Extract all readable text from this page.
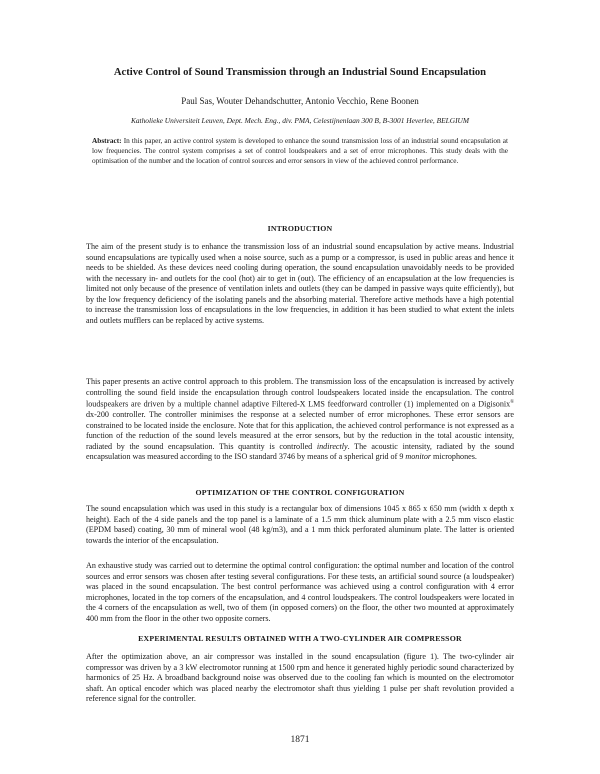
Active Control of Sound Transmission through an Industrial Sound Encapsulation
Paul Sas, Wouter Dehandschutter, Antonio Vecchio, Rene Boonen
Katholieke Universiteit Leuven, Dept. Mech. Eng., div. PMA, Celestijnenlaan 300 B, B-3001 Heverlee, BELGIUM
Abstract: In this paper, an active control system is developed to enhance the sound transmission loss of an industrial sound encapsulation at low frequencies. The control system comprises a set of control loudspeakers and a set of error microphones. This study deals with the optimisation of the number and the location of control sources and error sensors in view of the achieved control performance.
INTRODUCTION
The aim of the present study is to enhance the transmission loss of an industrial sound encapsulation by active means. Industrial sound encapsulations are typically used when a noise source, such as a pump or a compressor, is used in public areas and hence it needs to be shielded. As these devices need cooling during operation, the sound encapsulation unavoidably needs to be provided with the necessary in- and outlets for the cool (hot) air to get in (out). The efficiency of an encapsulation at the low frequencies is limited not only because of the presence of ventilation inlets and outlets (they can be damped in passive ways quite efficiently), but by the low frequency deficiency of the isolating panels and the absorbing material. Therefore active methods have a high potential to increase the transmission loss of encapsulations in the low frequencies, in addition it has been studied to what extent the inlets and outlets mufflers can be replaced by active systems.
This paper presents an active control approach to this problem. The transmission loss of the encapsulation is increased by actively controlling the sound field inside the encapsulation through control loudspeakers located inside the encapsulation. The control loudspeakers are driven by a multiple channel adaptive Filtered-X LMS feedforward controller (1) implemented on a Digisonix® dx-200 controller. The controller minimises the response at a selected number of error microphones. These error sensors are constrained to be located inside the enclosure. Note that for this application, the achieved control performance is not expressed as a function of the reduction of the sound levels measured at the error sensors, but by the reduction in the total acoustic intensity, radiated by the sound encapsulation. This quantity is controlled indirectly. The acoustic intensity, radiated by the sound encapsulation was measured according to the ISO standard 3746 by means of a spherical grid of 9 monitor microphones.
OPTIMIZATION OF THE CONTROL CONFIGURATION
The sound encapsulation which was used in this study is a rectangular box of dimensions 1045 x 865 x 650 mm (width x depth x height). Each of the 4 side panels and the top panel is a laminate of a 1.5 mm thick aluminum plate with a 2.5 mm visco elastic (EPDM based) coating, 30 mm of mineral wool (48 kg/m3), and a 1 mm thick perforated aluminum plate. The latter is oriented towards the interior of the encapsulation.
An exhaustive study was carried out to determine the optimal control configuration: the optimal number and location of the control sources and error sensors was chosen after testing several configurations. For these tests, an artificial sound source (a loudspeaker) was placed in the sound encapsulation. The best control performance was achieved using a control configuration with 4 error microphones, located in the top corners of the encapsulation, and 4 control loudspeakers. The control loudspeakers were located in the 4 corners of the encapsulation as well, two of them (in opposed corners) on the floor, the other two mounted at approximately 400 mm from the floor in the other two opposite corners.
EXPERIMENTAL RESULTS OBTAINED WITH A TWO-CYLINDER AIR COMPRESSOR
After the optimization above, an air compressor was installed in the sound encapsulation (figure 1). The two-cylinder air compressor was driven by a 3 kW electromotor running at 1500 rpm and hence it generated highly periodic sound characterized by harmonics of 25 Hz. A broadband background noise was observed due to the cooling fan which is mounted on the electromotor shaft. An optical encoder which was placed nearby the electromotor shaft thus yielding 1 pulse per shaft revolution provided a reference signal for the controller.
1871
